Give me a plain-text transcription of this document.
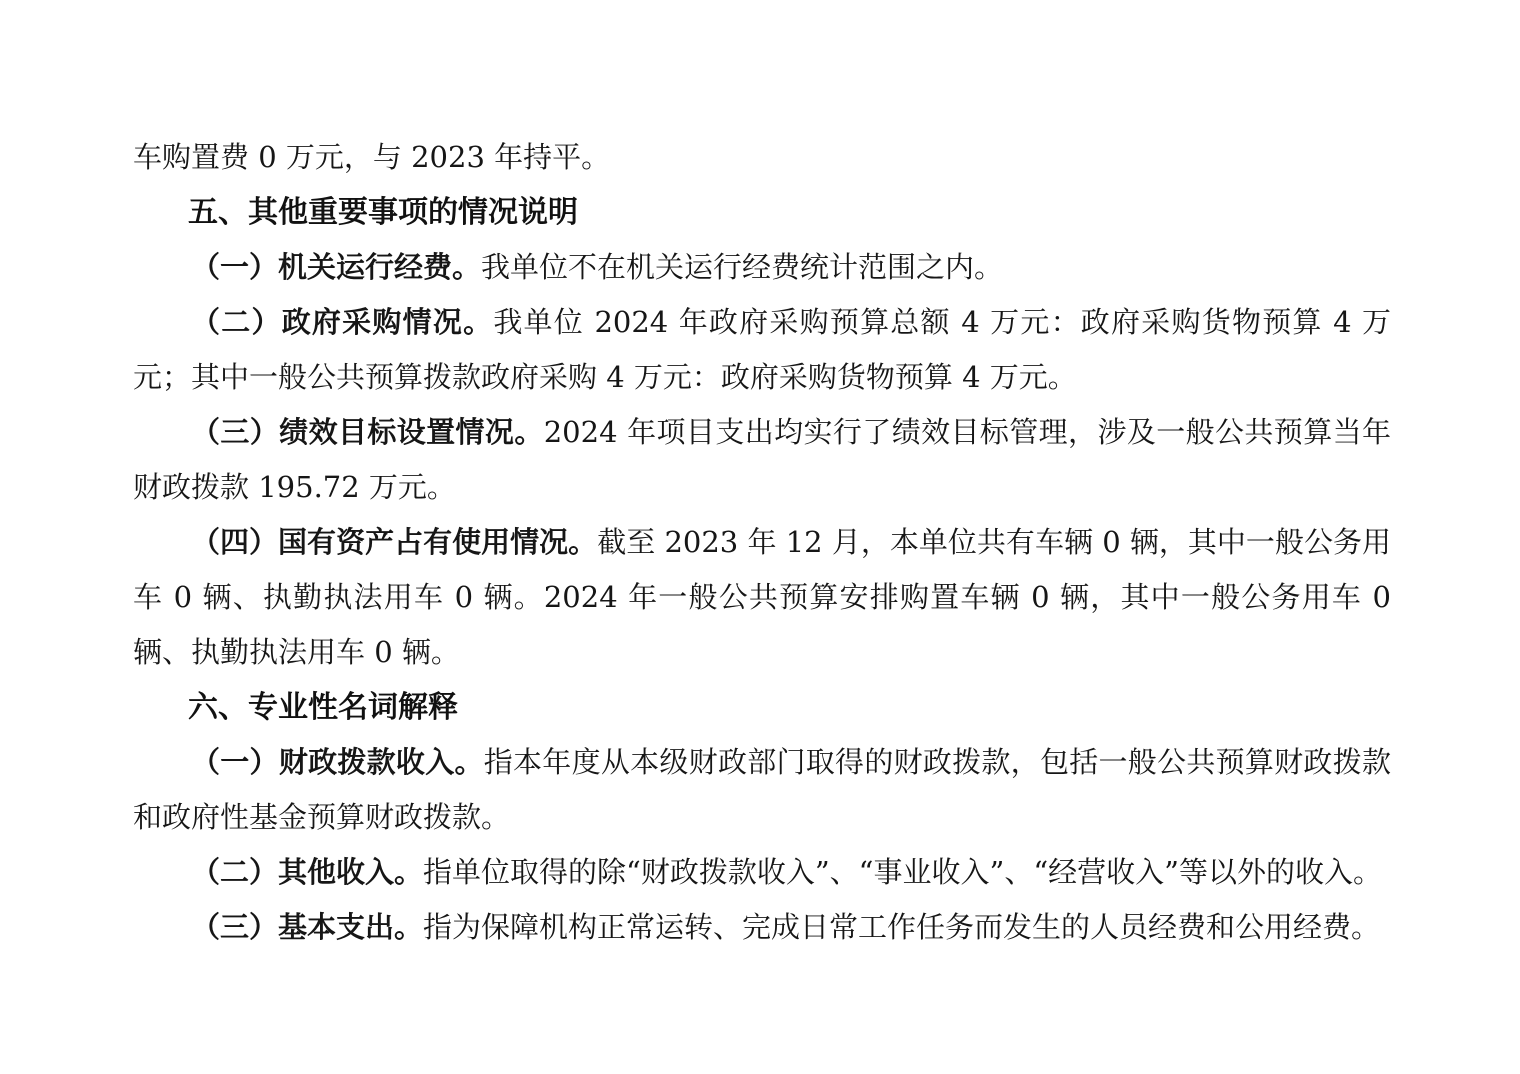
车购置费 0 万元，与 2023 年持平。

五、其他重要事项的情况说明

（一）机关运行经费。我单位不在机关运行经费统计范围之内。

（二）政府采购情况。我单位 2024 年政府采购预算总额 4 万元：政府采购货物预算 4 万元；其中一般公共预算拨款政府采购 4 万元：政府采购货物预算 4 万元。

（三）绩效目标设置情况。2024 年项目支出均实行了绩效目标管理，涉及一般公共预算当年财政拨款 195.72 万元。

（四）国有资产占有使用情况。截至 2023 年 12 月，本单位共有车辆 0 辆，其中一般公务用车 0 辆、执勤执法用车 0 辆。2024 年一般公共预算安排购置车辆 0 辆，其中一般公务用车 0 辆、执勤执法用车 0 辆。

六、专业性名词解释

（一）财政拨款收入。指本年度从本级财政部门取得的财政拨款，包括一般公共预算财政拨款和政府性基金预算财政拨款。

（二）其他收入。指单位取得的除“财政拨款收入”、“事业收入”、“经营收入”等以外的收入。

（三）基本支出。指为保障机构正常运转、完成日常工作任务而发生的人员经费和公用经费。
